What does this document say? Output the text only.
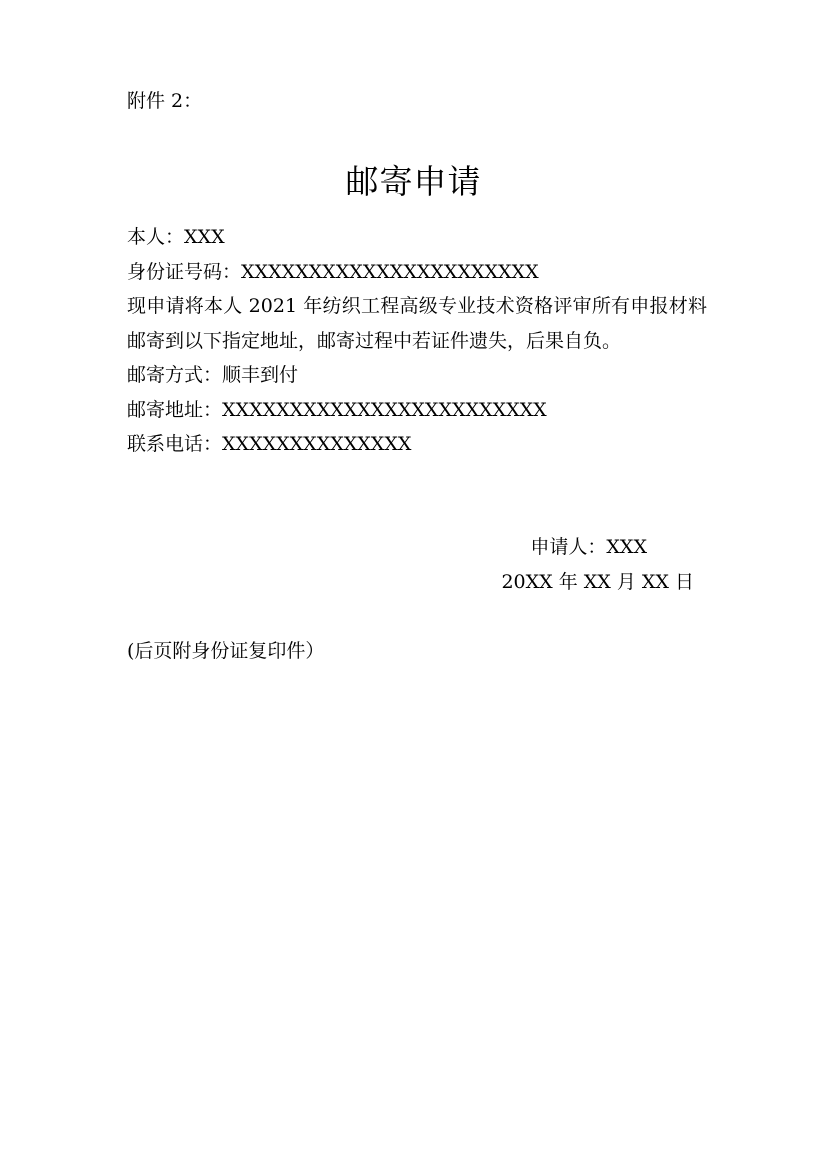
附件 2：
邮寄申请
本人：XXX
身份证号码：XXXXXXXXXXXXXXXXXXXXXX
现申请将本人 2021 年纺织工程高级专业技术资格评审所有申报材料邮寄到以下指定地址，邮寄过程中若证件遗失，后果自负。
邮寄方式：顺丰到付
邮寄地址：XXXXXXXXXXXXXXXXXXXXXXXX
联系电话：XXXXXXXXXXXXXX
申请人：XXX
20XX 年 XX 月 XX 日
(后页附身份证复印件）
